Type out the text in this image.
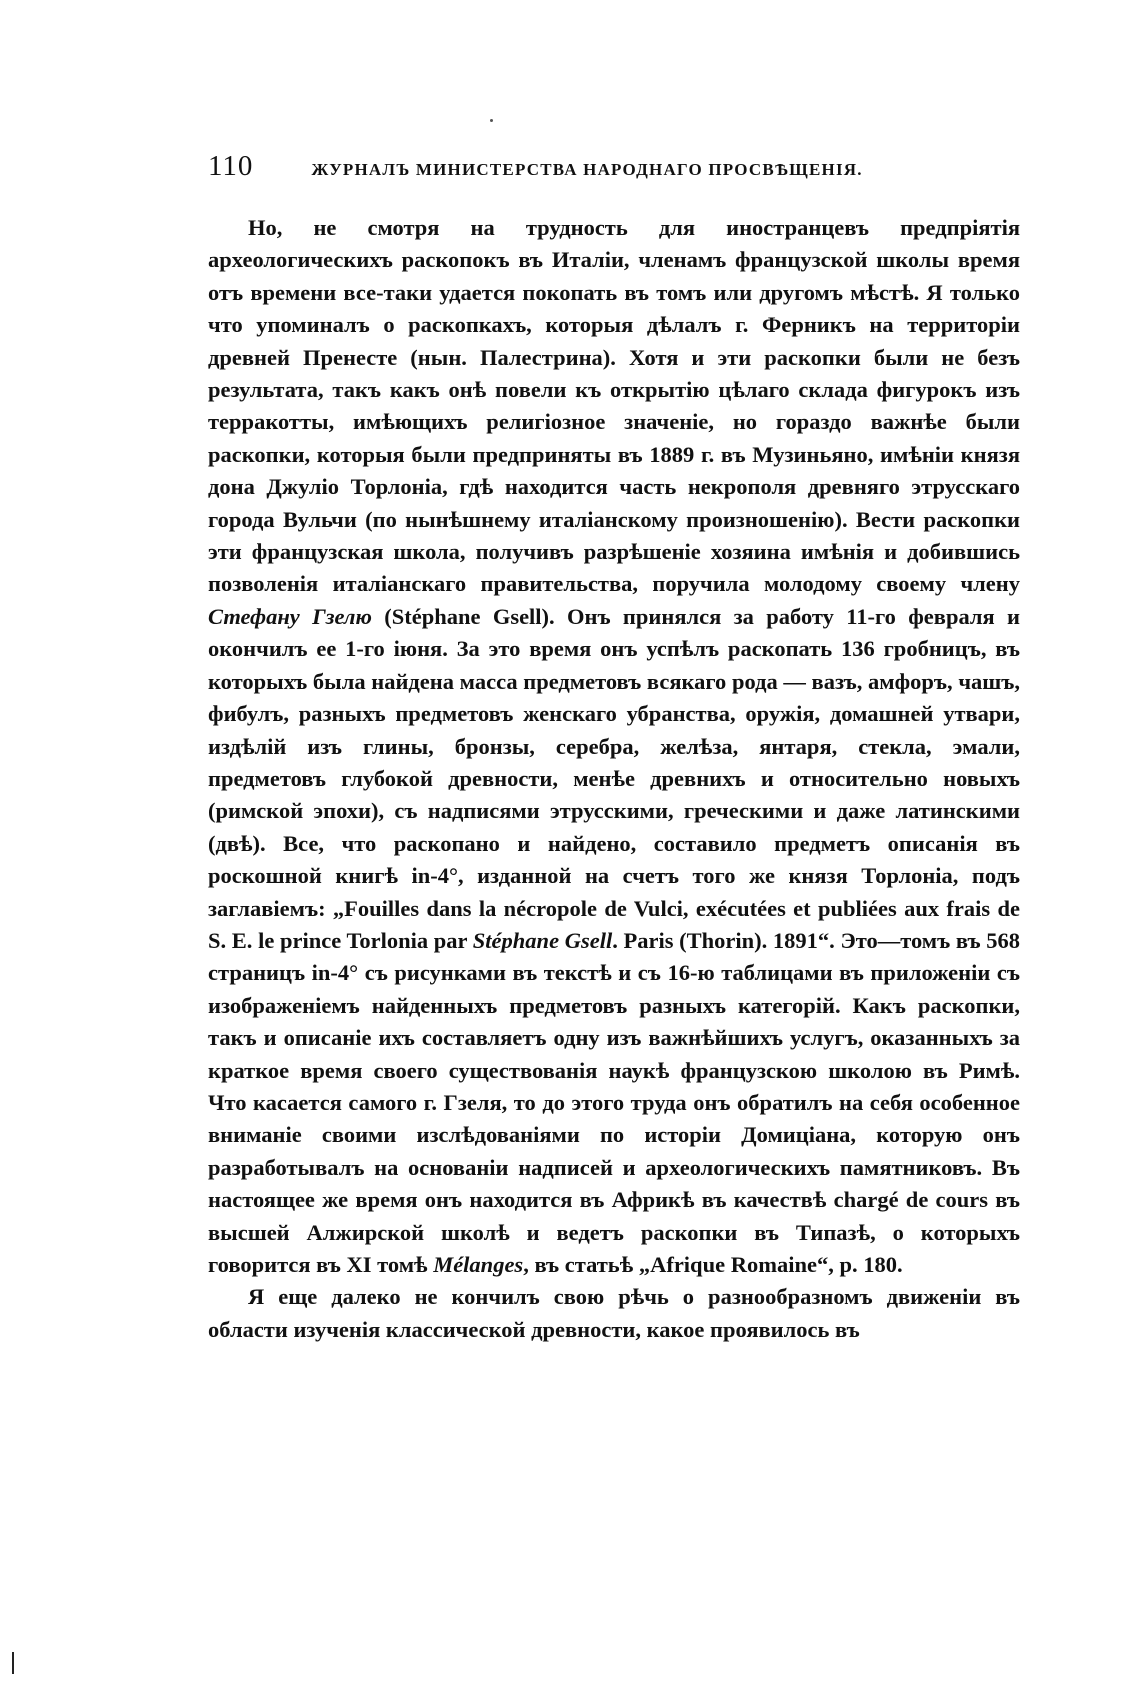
110	ЖУРНАЛЪ МИНИСТЕРСТВА НАРОДНАГО ПРОСВѢЩЕНІЯ.

Но, не смотря на трудность для иностранцевъ предпріятія археологическихъ раскопокъ въ Италіи, членамъ французской школы время отъ времени все-таки удается покопать въ томъ или другомъ мѣстѣ. Я только что упоминалъ о раскопкахъ, которыя дѣлалъ г. Ферникъ на территоріи древней Пренесте (нын. Палестрина). Хотя и эти раскопки были не безъ результата, такъ какъ онѣ повели къ открытію цѣлаго склада фигурокъ изъ терракотты, имѣющихъ религіозное значеніе, но гораздо важнѣе были раскопки, которыя были предприняты въ 1889 г. въ Музиньяно, имѣніи князя дона Джуліо Торлоніа, гдѣ находится часть некрополя древняго этрусскаго города Вульчи (по нынѣшнему италіанскому произношенію). Вести раскопки эти французская школа, получивъ разрѣшеніе хозяина имѣнія и добившись позволенія италіанскаго правительства, поручила молодому своему члену Стефану Гзелю (Stéphane Gsell). Онъ принялся за работу 11-го февраля и окончилъ ее 1-го іюня. За это время онъ успѣлъ раскопать 136 гробницъ, въ которыхъ была найдена масса предметовъ всякаго рода — вазъ, амфоръ, чашъ, фибулъ, разныхъ предметовъ женскаго убранства, оружія, домашней утвари, издѣлій изъ глины, бронзы, серебра, желѣза, янтаря, стекла, эмали, предметовъ глубокой древности, менѣе древнихъ и относительно новыхъ (римской эпохи), съ надписями этрусскими, греческими и даже латинскими (двѣ). Все, что раскопано и найдено, составило предметъ описанія въ роскошной книгѣ in-4°, изданной на счетъ того же князя Торлоніа, подъ заглавіемъ: „Fouilles dans la nécropole de Vulci, exécutées et publiées aux frais de S. E. le prince Torlonia par Stéphane Gsell. Paris (Thorin). 1891“. Это—томъ въ 568 страницъ in-4° съ рисунками въ текстѣ и съ 16-ю таблицами въ приложеніи съ изображеніемъ найденныхъ предметовъ разныхъ категорій. Какъ раскопки, такъ и описаніе ихъ составляетъ одну изъ важнѣйшихъ услугъ, оказанныхъ за краткое время своего существованія наукѣ французскою школою въ Римѣ. Что касается самого г. Гзеля, то до этого труда онъ обратилъ на себя особенное вниманіе своими изслѣдованіями по исторіи Домиціана, которую онъ разработывалъ на основаніи надписей и археологическихъ памятниковъ. Въ настоящее же время онъ находится въ Африкѣ въ качествѣ chargé de cours въ высшей Алжирской школѣ и ведетъ раскопки въ Типазѣ, о которыхъ говорится въ XI томѣ Mélanges, въ статьѣ „Afrique Romaine“, p. 180.

Я еще далеко не кончилъ свою рѣчь о разнообразномъ движеніи въ области изученія классической древности, какое проявилось въ
